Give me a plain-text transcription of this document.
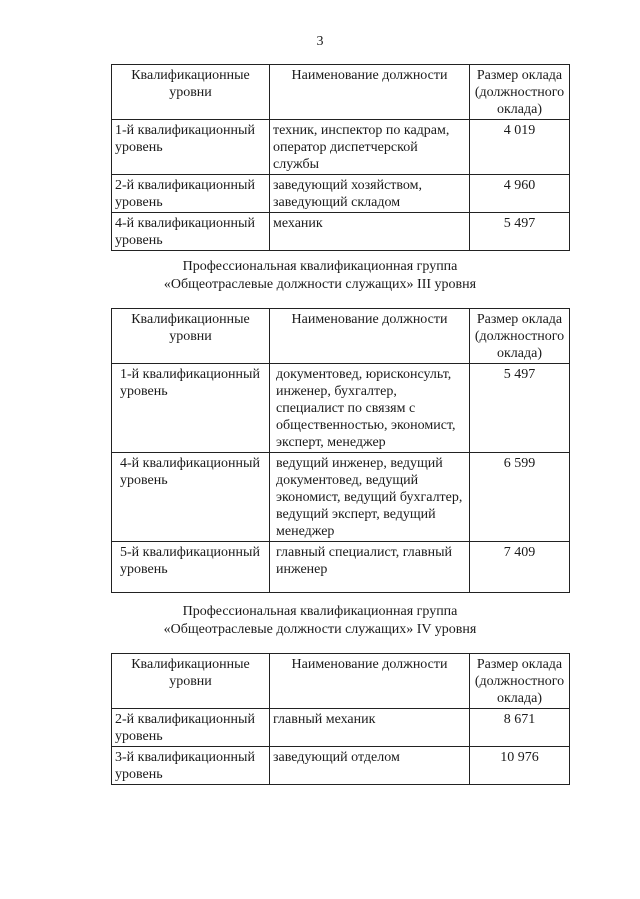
3
Квалификационные уровни	Наименование должности	Размер оклада (должностного оклада)
1-й квалификационный уровень	техник, инспектор по кадрам, оператор диспетчерской службы	4 019
2-й квалификационный уровень	заведующий хозяйством, заведующий складом	4 960
4-й квалификационный уровень	механик	5 497
Профессиональная квалификационная группа
«Общеотраслевые должности служащих» III уровня
Квалификационные уровни	Наименование должности	Размер оклада (должностного оклада)
1-й квалификационный уровень	документовед, юрисконсульт, инженер, бухгалтер, специалист по связям с общественностью, экономист, эксперт, менеджер	5 497
4-й квалификационный уровень	ведущий инженер, ведущий документовед, ведущий экономист, ведущий бухгалтер, ведущий эксперт, ведущий менеджер	6 599
5-й квалификационный уровень	главный специалист, главный инженер	7 409
Профессиональная квалификационная группа
«Общеотраслевые должности служащих» IV уровня
Квалификационные уровни	Наименование должности	Размер оклада (должностного оклада)
2-й квалификационный уровень	главный механик	8 671
3-й квалификационный уровень	заведующий отделом	10 976
